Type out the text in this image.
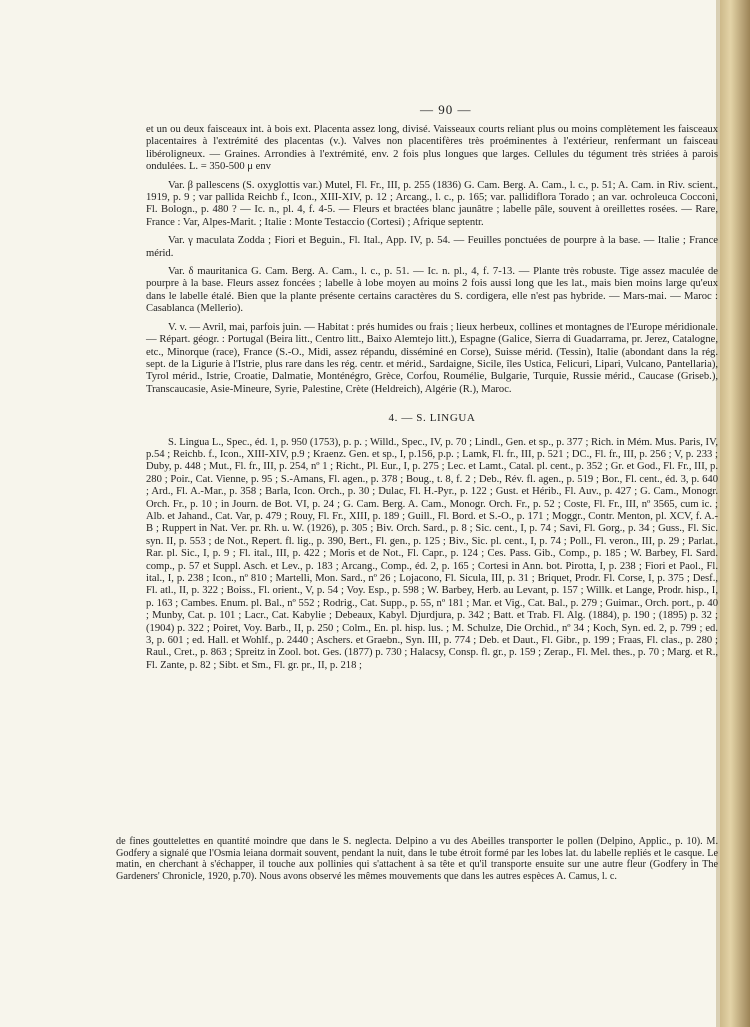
— 90 —

et un ou deux faisceaux int. à bois ext. Placenta assez long, divisé. Vaisseaux courts reliant plus ou moins complètement les faisceaux placentaires à l'extrémité des placentas (v.). Valves non placentifères très proéminentes à l'extérieur, renfermant un faisceau libéroligneux. — Graines. Arrondies à l'extrémité, env. 2 fois plus longues que larges. Cellules du tégument très striées à parois ondulées. L. = 350-500 μ env

Var. β pallescens (S. oxyglottis var.) Mutel, Fl. Fr., III, p. 255 (1836) G. Cam. Berg. A. Cam., l. c., p. 51; A. Cam. in Riv. scient., 1919, p. 9 ; var pallida Reichb f., Icon., XIII-XIV, p. 12 ; Arcang., l. c., p. 165; var. pallidiflora Torado ; an var. ochroleuca Cocconi, Fl. Bologn., p. 480 ? — Ic. n., pl. 4, f. 4-5. — Fleurs et bractées blanc jaunâtre ; labelle pâle, souvent à oreillettes rosées. — Rare, France : Var, Alpes-Marit. ; Italie : Monte Testaccio (Cortesi) ; Afrique septentr.

Var. γ maculata Zodda ; Fiori et Beguin., Fl. Ital., App. IV, p. 54. — Feuilles ponctuées de pourpre à la base. — Italie ; France mérid.

Var. δ mauritanica G. Cam. Berg. A. Cam., l. c., p. 51. — Ic. n. pl., 4, f. 7-13. — Plante très robuste. Tige assez maculée de pourpre à la base. Fleurs assez foncées ; labelle à lobe moyen au moins 2 fois aussi long que les lat., mais bien moins large qu'eux dans le labelle étalé. Bien que la plante présente certains caractères du S. cordigera, elle n'est pas hybride. — Mars-mai. — Maroc : Casablanca (Mellerio).

V. v. — Avril, mai, parfois juin. — Habitat : prés humides ou frais ; lieux herbeux, collines et montagnes de l'Europe méridionale. — Répart. géogr. : Portugal (Beira litt., Centro litt., Baixo Alemtejo litt.), Espagne (Galice, Sierra di Guadarrama, pr. Jerez, Catalogne, etc., Minorque (race), France (S.-O., Midi, assez répandu, disséminé en Corse), Suisse mérid. (Tessin), Italie (abondant dans la rég. sept. de la Ligurie à l'Istrie, plus rare dans les rég. centr. et mérid., Sardaigne, Sicile, îles Ustica, Felicuri, Lipari, Vulcano, Pantellaria), Tyrol mérid., Istrie, Croatie, Dalmatie, Monténégro, Grèce, Corfou, Roumélie, Bulgarie, Turquie, Russie mérid., Caucase (Griseb.), Transcaucasie, Asie-Mineure, Syrie, Palestine, Crète (Heldreich), Algérie (R.), Maroc.

4. — S. LINGUA

S. Lingua L., Spec., éd. 1, p. 950 (1753), p. p. ; Willd., Spec., IV, p. 70 ; Lindl., Gen. et sp., p. 377 ; Rich. in Mém. Mus. Paris, IV, p.54 ; Reichb. f., Icon., XIII-XIV, p.9 ; Kraenz. Gen. et sp., I, p.156, p.p. ; Lamk, Fl. fr., III, p. 521 ; DC., Fl. fr., III, p. 256 ; V, p. 233 ; Duby, p. 448 ; Mut., Fl. fr., III, p. 254, nº 1 ; Richt., Pl. Eur., I, p. 275 ; Lec. et Lamt., Catal. pl. cent., p. 352 ; Gr. et God., Fl. Fr., III, p. 280 ; Poir., Cat. Vienne, p. 95 ; S.-Amans, Fl. agen., p. 378 ; Boug., t. 8, f. 2 ; Deb., Rév. fl. agen., p. 519 ; Bor., Fl. cent., éd. 3, p. 640 ; Ard., Fl. A.-Mar., p. 358 ; Barla, Icon. Orch., p. 30 ; Dulac, Fl. H.-Pyr., p. 122 ; Gust. et Hérib., Fl. Auv., p. 427 ; G. Cam., Monogr. Orch. Fr., p. 10 ; in Journ. de Bot. VI, p. 24 ; G. Cam. Berg. A. Cam., Monogr. Orch. Fr., p. 52 ; Coste, Fl. Fr., III, nº 3565, cum ic. ; Alb. et Jahand., Cat. Var, p. 479 ; Rouy, Fl. Fr., XIII, p. 189 ; Guill., Fl. Bord. et S.-O., p. 171 ; Moggr., Contr. Menton, pl. XCV, f. A.-B ; Ruppert in Nat. Ver. pr. Rh. u. W. (1926), p. 305 ; Biv. Orch. Sard., p. 8 ; Sic. cent., I, p. 74 ; Savi, Fl. Gorg., p. 34 ; Guss., Fl. Sic. syn. II, p. 553 ; de Not., Repert. fl. lig., p. 390, Bert., Fl. gen., p. 125 ; Biv., Sic. pl. cent., I, p. 74 ; Poll., Fl. veron., III, p. 29 ; Parlat., Rar. pl. Sic., I, p. 9 ; Fl. ital., III, p. 422 ; Moris et de Not., Fl. Capr., p. 124 ; Ces. Pass. Gib., Comp., p. 185 ; W. Barbey, Fl. Sard. comp., p. 57 et Suppl. Asch. et Lev., p. 183 ; Arcang., Comp., éd. 2, p. 165 ; Cortesi in Ann. bot. Pirotta, I, p. 238 ; Fiori et Paol., Fl. ital., I, p. 238 ; Icon., nº 810 ; Martelli, Mon. Sard., nº 26 ; Lojacono, Fl. Sicula, III, p. 31 ; Briquet, Prodr. Fl. Corse, I, p. 375 ; Desf., Fl. atl., II, p. 322 ; Boiss., Fl. orient., V, p. 54 ; Voy. Esp., p. 598 ; W. Barbey, Herb. au Levant, p. 157 ; Willk. et Lange, Prodr. hisp., I, p. 163 ; Cambes. Enum. pl. Bal., nº 552 ; Rodrig., Cat. Supp., p. 55, nº 181 ; Mar. et Vig., Cat. Bal., p. 279 ; Guimar., Orch. port., p. 40 ; Munby, Cat. p. 101 ; Lacr., Cat. Kabylie ; Debeaux, Kabyl. Djurdjura, p. 342 ; Batt. et Trab. Fl. Alg. (1884), p. 190 ; (1895) p. 32 ; (1904) p. 322 ; Poiret, Voy. Barb., II, p. 250 ; Colm., En. pl. hisp. lus. ; M. Schulze, Die Orchid., nº 34 ; Koch, Syn. ed. 2, p. 799 ; ed. 3, p. 601 ; ed. Hall. et Wohlf., p. 2440 ; Aschers. et Graebn., Syn. III, p. 774 ; Deb. et Daut., Fl. Gibr., p. 199 ; Fraas, Fl. clas., p. 280 ; Raul., Cret., p. 863 ; Spreitz in Zool. bot. Ges. (1877) p. 730 ; Halacsy, Consp. fl. gr., p. 159 ; Zerap., Fl. Mel. thes., p. 70 ; Marg. et R., Fl. Zante, p. 82 ; Sibt. et Sm., Fl. gr. pr., II, p. 218 ;

de fines gouttelettes en quantité moindre que dans le S. neglecta. Delpino a vu des Abeilles transporter le pollen (Delpino, Applic., p. 10). M. Godfery a signalé que l'Osmia leiana dormait souvent, pendant la nuit, dans le tube étroit formé par les lobes lat. du labelle repliés et le casque. Le matin, en cherchant à s'échapper, il touche aux pollinies qui s'attachent à sa tête et qu'il transporte ensuite sur une autre fleur (Godfery in The Gardeners' Chronicle, 1920, p.70). Nous avons observé les mêmes mouvements que dans les autres espèces A. Camus, l. c.
